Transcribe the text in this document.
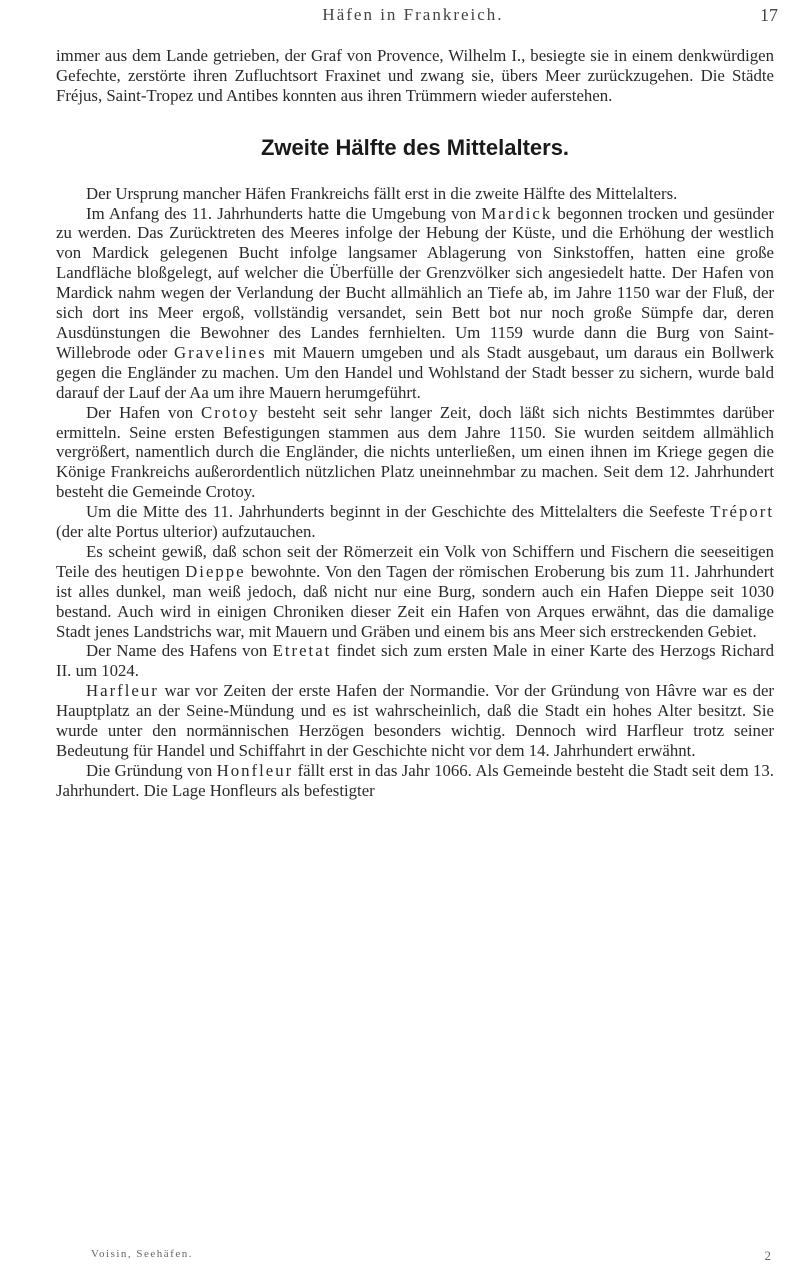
Häfen in Frankreich.	17

immer aus dem Lande getrieben, der Graf von Provence, Wilhelm I., besiegte sie in einem denkwürdigen Gefechte, zerstörte ihren Zufluchtsort Fraxinet und zwang sie, übers Meer zurückzugehen. Die Städte Fréjus, Saint-Tropez und Antibes konnten aus ihren Trümmern wieder auferstehen.

Zweite Hälfte des Mittelalters.

Der Ursprung mancher Häfen Frankreichs fällt erst in die zweite Hälfte des Mittelalters.

Im Anfang des 11. Jahrhunderts hatte die Umgebung von Mardick begonnen trocken und gesünder zu werden. Das Zurücktreten des Meeres infolge der Hebung der Küste, und die Erhöhung der westlich von Mardick gelegenen Bucht infolge langsamer Ablagerung von Sinkstoffen, hatten eine große Landfläche bloßgelegt, auf welcher die Überfülle der Grenzvölker sich angesiedelt hatte. Der Hafen von Mardick nahm wegen der Verlandung der Bucht allmählich an Tiefe ab, im Jahre 1150 war der Fluß, der sich dort ins Meer ergoß, vollständig versandet, sein Bett bot nur noch große Sümpfe dar, deren Ausdünstungen die Bewohner des Landes fernhielten. Um 1159 wurde dann die Burg von Saint-Willebrode oder Gravelines mit Mauern umgeben und als Stadt ausgebaut, um daraus ein Bollwerk gegen die Engländer zu machen. Um den Handel und Wohlstand der Stadt besser zu sichern, wurde bald darauf der Lauf der Aa um ihre Mauern herumgeführt.

Der Hafen von Crotoy besteht seit sehr langer Zeit, doch läßt sich nichts Bestimmtes darüber ermitteln. Seine ersten Befestigungen stammen aus dem Jahre 1150. Sie wurden seitdem allmählich vergrößert, namentlich durch die Engländer, die nichts unterließen, um einen ihnen im Kriege gegen die Könige Frankreichs außerordentlich nützlichen Platz uneinnehmbar zu machen. Seit dem 12. Jahrhundert besteht die Gemeinde Crotoy.

Um die Mitte des 11. Jahrhunderts beginnt in der Geschichte des Mittelalters die Seefeste Tréport (der alte Portus ulterior) aufzutauchen.

Es scheint gewiß, daß schon seit der Römerzeit ein Volk von Schiffern und Fischern die seeseitigen Teile des heutigen Dieppe bewohnte. Von den Tagen der römischen Eroberung bis zum 11. Jahrhundert ist alles dunkel, man weiß jedoch, daß nicht nur eine Burg, sondern auch ein Hafen Dieppe seit 1030 bestand. Auch wird in einigen Chroniken dieser Zeit ein Hafen von Arques erwähnt, das die damalige Stadt jenes Landstrichs war, mit Mauern und Gräben und einem bis ans Meer sich erstreckenden Gebiet.

Der Name des Hafens von Etretat findet sich zum ersten Male in einer Karte des Herzogs Richard II. um 1024.

Harfleur war vor Zeiten der erste Hafen der Normandie. Vor der Gründung von Hâvre war es der Hauptplatz an der Seine-Mündung und es ist wahrscheinlich, daß die Stadt ein hohes Alter besitzt. Sie wurde unter den normännischen Herzögen besonders wichtig. Dennoch wird Harfleur trotz seiner Bedeutung für Handel und Schiffahrt in der Geschichte nicht vor dem 14. Jahrhundert erwähnt.

Die Gründung von Honfleur fällt erst in das Jahr 1066. Als Gemeinde besteht die Stadt seit dem 13. Jahrhundert. Die Lage Honfleurs als befestigter

Voisin, Seehäfen.	2
